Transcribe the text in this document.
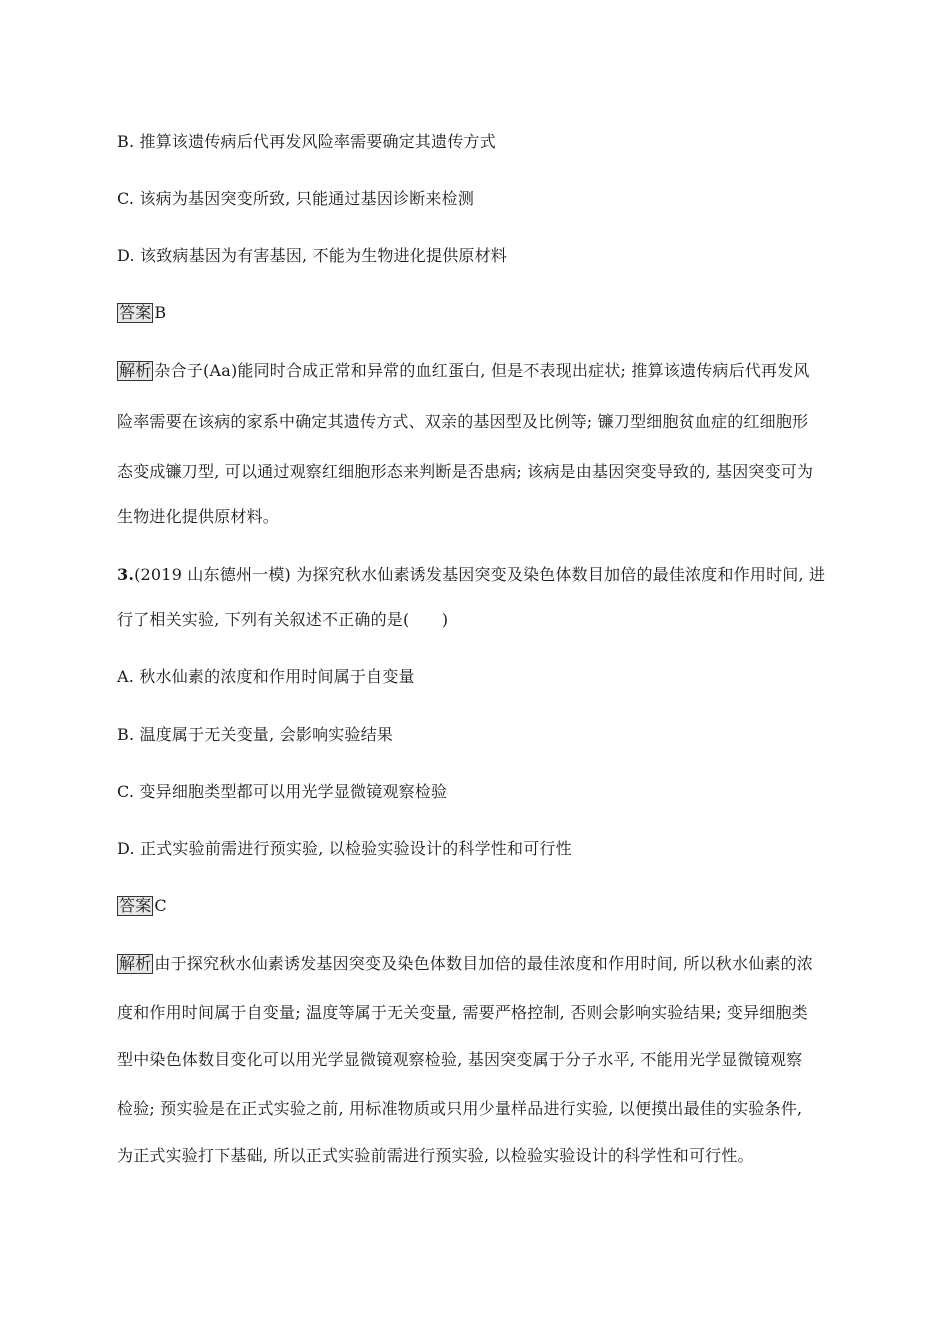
B. 推算该遗传病后代再发风险率需要确定其遗传方式
C. 该病为基因突变所致, 只能通过基因诊断来检测
D. 该致病基因为有害基因, 不能为生物进化提供原材料
答案 B
解析 杂合子(Aa)能同时合成正常和异常的血红蛋白, 但是不表现出症状; 推算该遗传病后代再发风
险率需要在该病的家系中确定其遗传方式、双亲的基因型及比例等; 镰刀型细胞贫血症的红细胞形
态变成镰刀型, 可以通过观察红细胞形态来判断是否患病; 该病是由基因突变导致的, 基因突变可为
生物进化提供原材料。
3.(2019 山东德州一模) 为探究秋水仙素诱发基因突变及染色体数目加倍的最佳浓度和作用时间, 进
行了相关实验, 下列有关叙述不正确的是(　　)
A. 秋水仙素的浓度和作用时间属于自变量
B. 温度属于无关变量, 会影响实验结果
C. 变异细胞类型都可以用光学显微镜观察检验
D. 正式实验前需进行预实验, 以检验实验设计的科学性和可行性
答案 C
解析 由于探究秋水仙素诱发基因突变及染色体数目加倍的最佳浓度和作用时间, 所以秋水仙素的浓
度和作用时间属于自变量; 温度等属于无关变量, 需要严格控制, 否则会影响实验结果; 变异细胞类
型中染色体数目变化可以用光学显微镜观察检验, 基因突变属于分子水平, 不能用光学显微镜观察
检验; 预实验是在正式实验之前, 用标准物质或只用少量样品进行实验, 以便摸出最佳的实验条件,
为正式实验打下基础, 所以正式实验前需进行预实验, 以检验实验设计的科学性和可行性。
